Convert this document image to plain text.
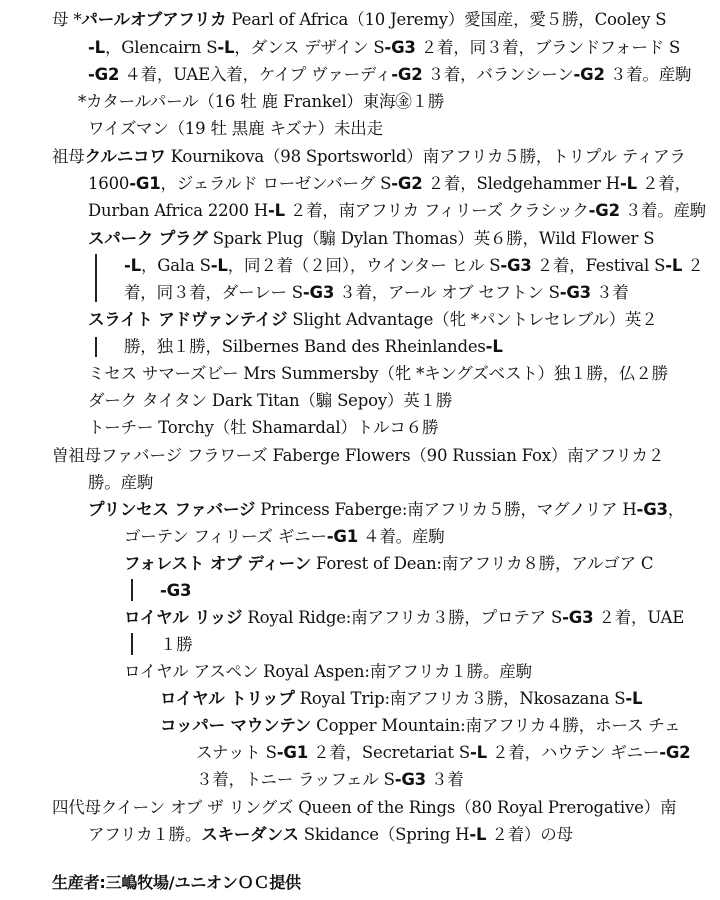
母 *パールオブアフリカ Pearl of Africa（10 Jeremy）愛国産，愛５勝，Cooley S
-L，Glencairn S-L，ダンス デザイン S-G3 ２着，同３着，ブランドフォード S
-G2 ４着，UAE入着，ケイプ ヴァーディ-G2 ３着，バランシーン-G2 ３着。産駒
*カタールパール（16 牡 鹿 Frankel）東海㊎１勝
ワイズマン（19 牡 黒鹿 キズナ）未出走
祖母クルニコワ Kournikova（98 Sportsworld）南アフリカ５勝，トリプル ティアラ
1600-G1，ジェラルド ローゼンバーグ S-G2 ２着，Sledgehammer H-L ２着，
Durban Africa 2200 H-L ２着，南アフリカ フィリーズ クラシック-G2 ３着。産駒
スパーク プラグ Spark Plug（騸 Dylan Thomas）英６勝，Wild Flower S
-L，Gala S-L，同２着（２回），ウインター ヒル S-G3 ２着，Festival S-L ２
着，同３着，ダーレー S-G3 ３着，アール オブ セフトン S-G3 ３着
スライト アドヴァンテイジ Slight Advantage（牝 *パントレセレブル）英２
勝，独１勝，Silbernes Band des Rheinlandes-L
ミセス サマーズビー Mrs Summersby（牝 *キングズベスト）独１勝，仏２勝
ダーク タイタン Dark Titan（騸 Sepoy）英１勝
トーチー Torchy（牡 Shamardal）トルコ６勝
曽祖母ファバージ フラワーズ Faberge Flowers（90 Russian Fox）南アフリカ２
勝。産駒
プリンセス ファバージ Princess Faberge:南アフリカ５勝，マグノリア H-G3，
ゴーテン フィリーズ ギニー-G1 ４着。産駒
フォレスト オブ ディーン Forest of Dean:南アフリカ８勝，アルゴア C
-G3
ロイヤル リッジ Royal Ridge:南アフリカ３勝，プロテア S-G3 ２着，UAE
１勝
ロイヤル アスペン Royal Aspen:南アフリカ１勝。産駒
ロイヤル トリップ Royal Trip:南アフリカ３勝，Nkosazana S-L
コッパー マウンテン Copper Mountain:南アフリカ４勝，ホース チェ
スナット S-G1 ２着，Secretariat S-L ２着，ハウテン ギニー-G2
３着，トニー ラッフェル S-G3 ３着
四代母クイーン オブ ザ リングズ Queen of the Rings（80 Royal Prerogative）南
アフリカ１勝。スキーダンス Skidance（Spring H-L ２着）の母
生産者:三嶋牧場/ユニオンＯＣ提供
